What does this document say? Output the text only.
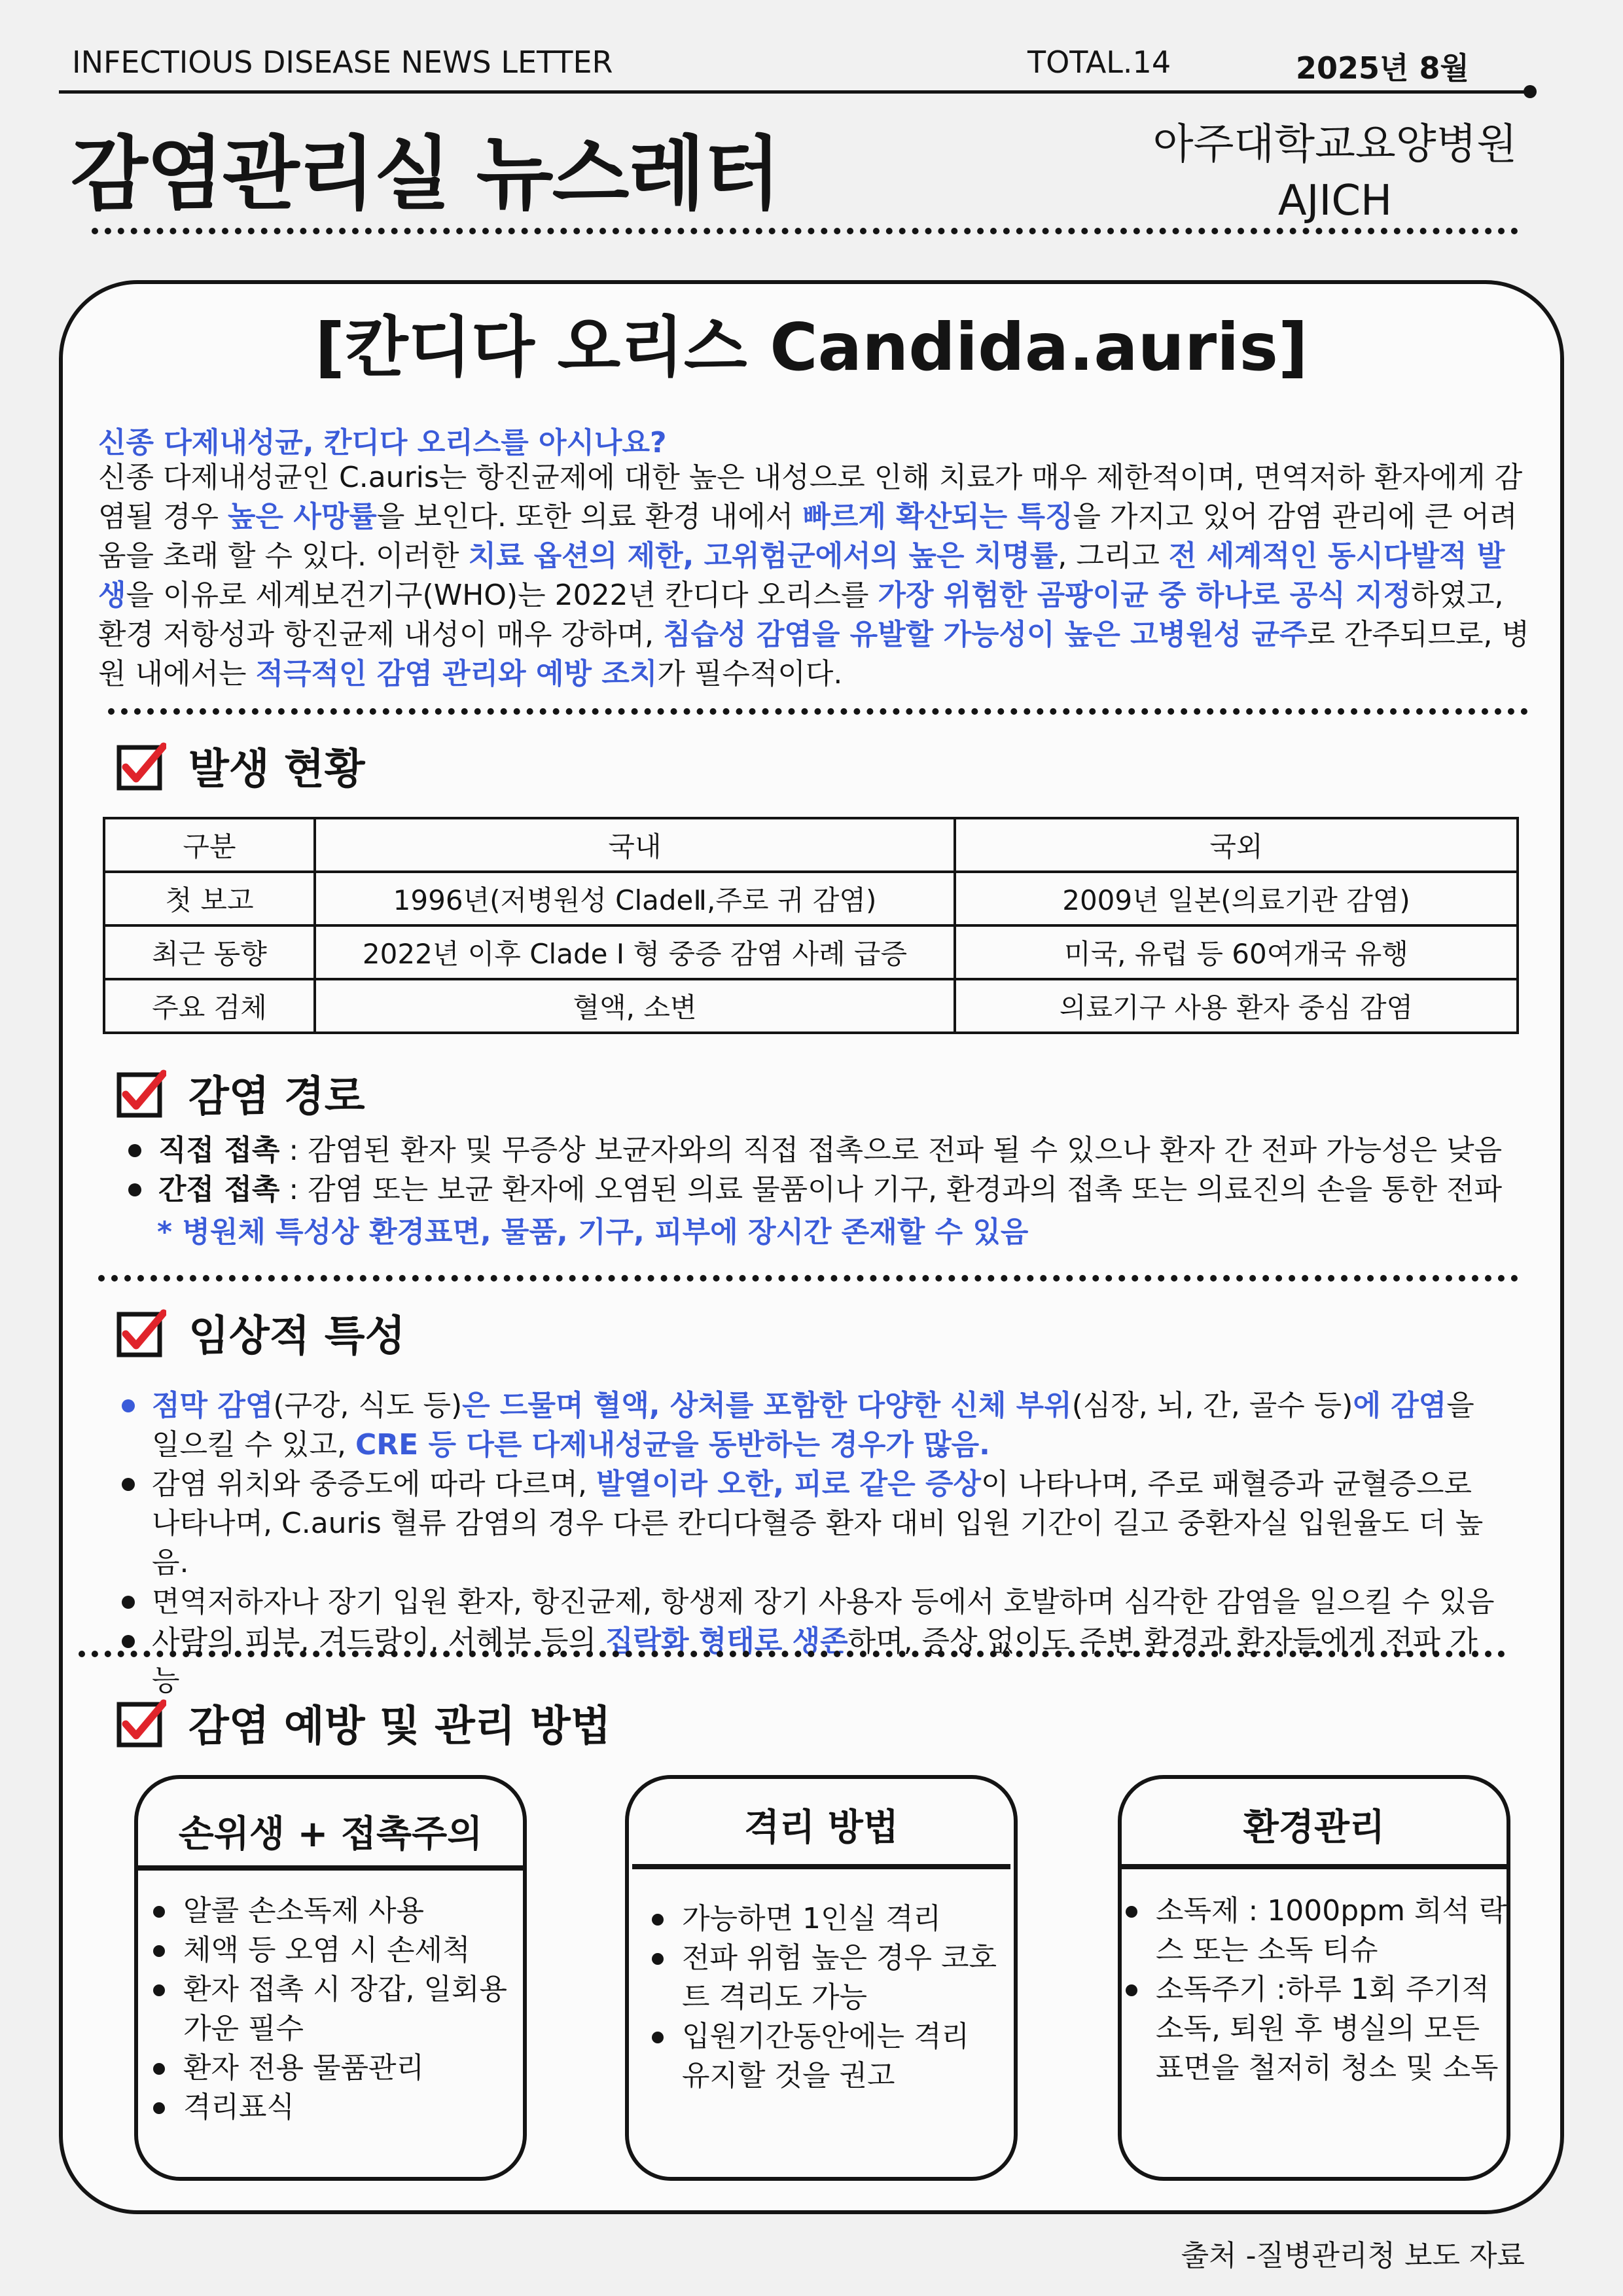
INFECTIOUS DISEASE NEWS LETTER	TOTAL.14	2025년 8월
감염관리실 뉴스레터	아주대학교요양병원
AJICH
[칸디다 오리스 Candida.auris]
신종 다제내성균, 칸디다 오리스를 아시나요?
신종 다제내성균인 C.auris는 항진균제에 대한 높은 내성으로 인해 치료가 매우 제한적이며, 면역저하 환자에게 감염될 경우 높은 사망률을 보인다. 또한 의료 환경 내에서 빠르게 확산되는 특징을 가지고 있어 감염 관리에 큰 어려움을 초래 할 수 있다. 이러한 치료 옵션의 제한, 고위험군에서의 높은 치명률, 그리고 전 세계적인 동시다발적 발생을 이유로 세계보건기구(WHO)는 2022년 칸디다 오리스를 가장 위험한 곰팡이균 중 하나로 공식 지정하였고, 환경 저항성과 항진균제 내성이 매우 강하며, 침습성 감염을 유발할 가능성이 높은 고병원성 균주로 간주되므로, 병원 내에서는 적극적인 감염 관리와 예방 조치가 필수적이다.
발생 현황
구분	국내	국외
첫 보고	1996년(저병원성 CladeⅡ,주로 귀 감염)	2009년 일본(의료기관 감염)
최근 동향	2022년 이후 Clade I 형 중증 감염 사례 급증	미국, 유럽 등 60여개국 유행
주요 검체	혈액, 소변	의료기구 사용 환자 중심 감염
감염 경로
직접 접촉 : 감염된 환자 및 무증상 보균자와의 직접 접촉으로 전파 될 수 있으나 환자 간 전파 가능성은 낮음
간접 접촉 : 감염 또는 보균 환자에 오염된 의료 물품이나 기구, 환경과의 접촉 또는 의료진의 손을 통한 전파
* 병원체 특성상 환경표면, 물품, 기구, 피부에 장시간 존재할 수 있음
임상적 특성
점막 감염(구강, 식도 등)은 드물며 혈액, 상처를 포함한 다양한 신체 부위(심장, 뇌, 간, 골수 등)에 감염을 일으킬 수 있고, CRE 등 다른 다제내성균을 동반하는 경우가 많음.
감염 위치와 중증도에 따라 다르며, 발열이라 오한, 피로 같은 증상이 나타나며, 주로 패혈증과 균혈증으로 나타나며, C.auris 혈류 감염의 경우 다른 칸디다혈증 환자 대비 입원 기간이 길고 중환자실 입원율도 더 높음.
면역저하자나 장기 입원 환자, 항진균제, 항생제 장기 사용자 등에서 호발하며 심각한 감염을 일으킬 수 있음
사람의 피부, 겨드랑이, 서혜부 등의 집락화 형태로 생존하며, 증상 없이도 주변 환경과 환자들에게 전파 가능
감염 예방 및 관리 방법
손위생 + 접촉주의
알콜 손소독제 사용
체액 등 오염 시 손세척
환자 접촉 시 장갑, 일회용 가운 필수
환자 전용 물품관리
격리표식
격리 방법
가능하면 1인실 격리
전파 위험 높은 경우 코호트 격리도 가능
입원기간동안에는 격리 유지할 것을 권고
환경관리
소독제 : 1000ppm 희석 락스 또는 소독 티슈
소독주기 :하루 1회 주기적 소독, 퇴원 후 병실의 모든 표면을 철저히 청소 및 소독
출처 -질병관리청 보도 자료
